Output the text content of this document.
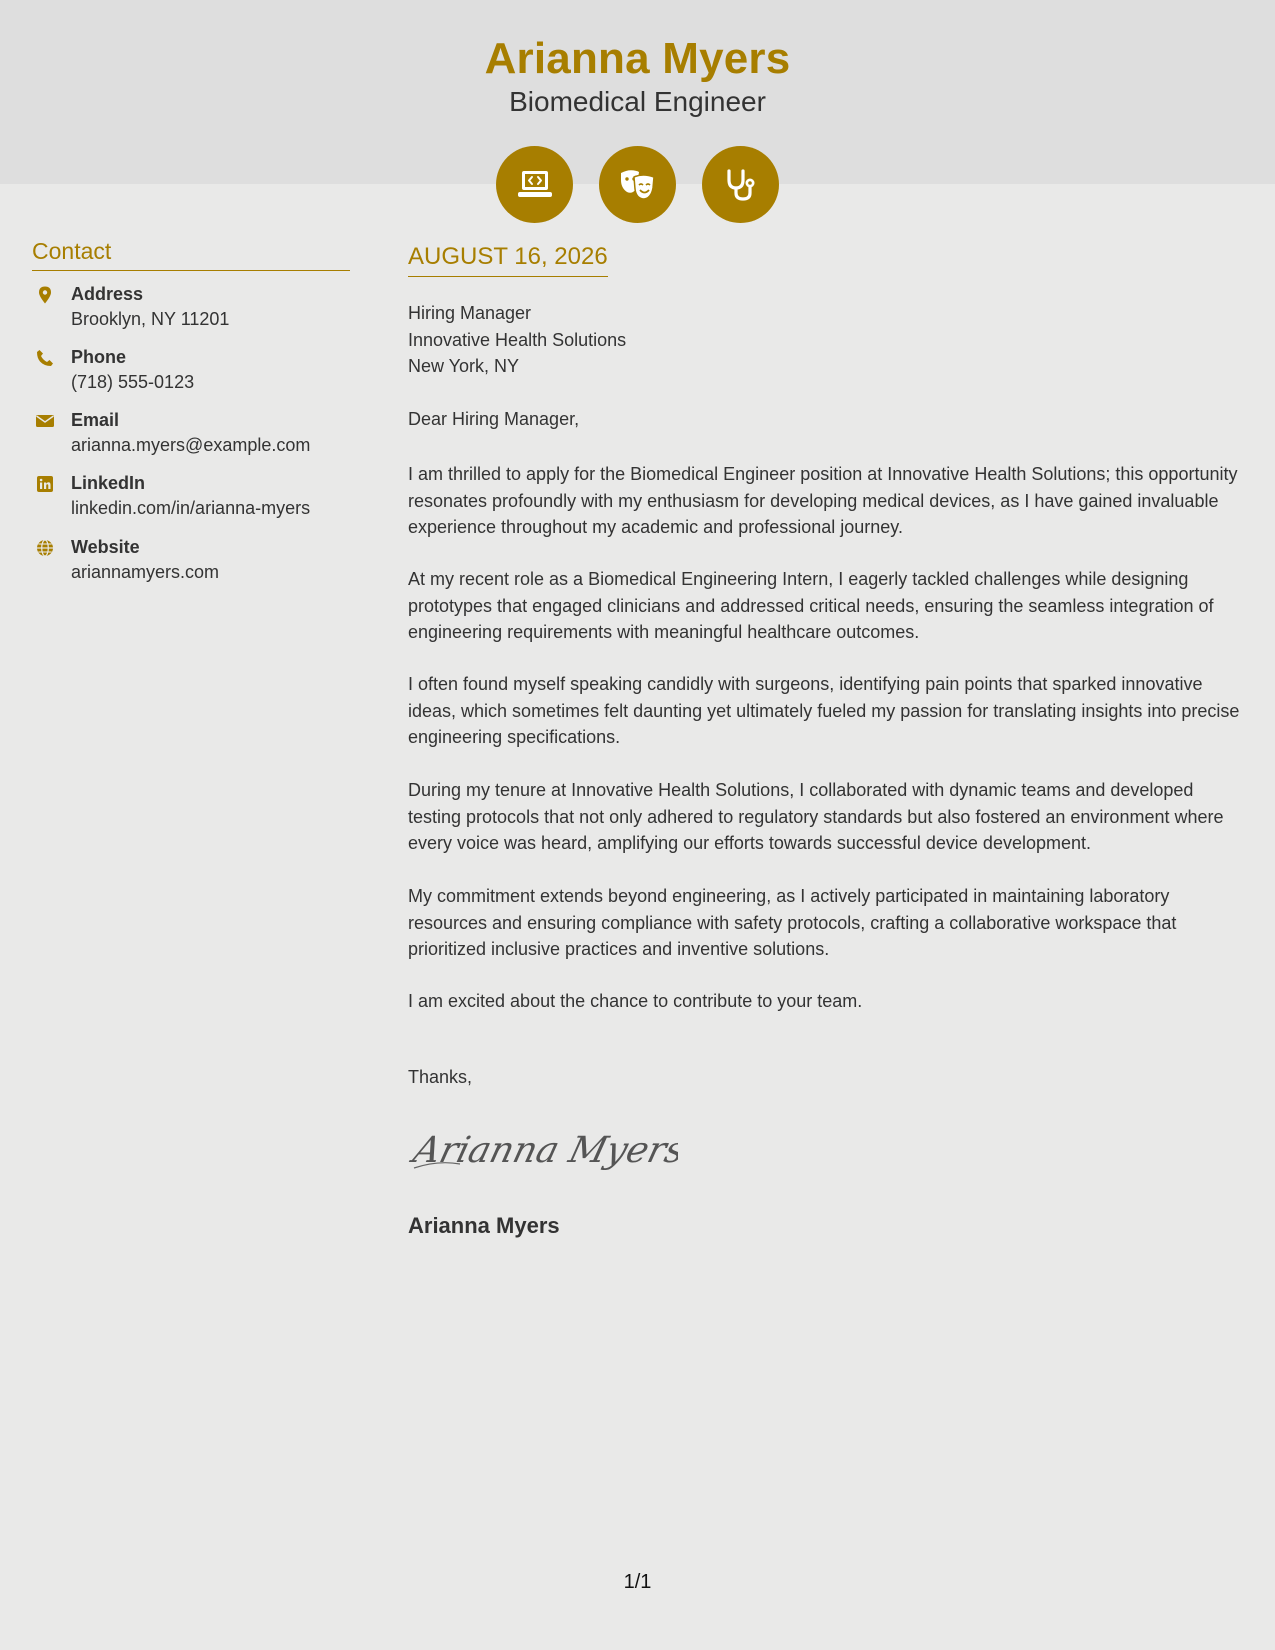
Arianna Myers
Biomedical Engineer
Contact
Address
Brooklyn, NY 11201
Phone
(718) 555-0123
Email
arianna.myers@example.com
LinkedIn
linkedin.com/in/arianna-myers
Website
ariannamyers.com
AUGUST 16, 2026
Hiring Manager
Innovative Health Solutions
New York, NY
Dear Hiring Manager,

I am thrilled to apply for the Biomedical Engineer position at Innovative Health Solutions; this opportunity resonates profoundly with my enthusiasm for developing medical devices, as I have gained invaluable experience throughout my academic and professional journey.

At my recent role as a Biomedical Engineering Intern, I eagerly tackled challenges while designing prototypes that engaged clinicians and addressed critical needs, ensuring the seamless integration of engineering requirements with meaningful healthcare outcomes.

I often found myself speaking candidly with surgeons, identifying pain points that sparked innovative ideas, which sometimes felt daunting yet ultimately fueled my passion for translating insights into precise engineering specifications.

During my tenure at Innovative Health Solutions, I collaborated with dynamic teams and developed testing protocols that not only adhered to regulatory standards but also fostered an environment where every voice was heard, amplifying our efforts towards successful device development.

My commitment extends beyond engineering, as I actively participated in maintaining laboratory resources and ensuring compliance with safety protocols, crafting a collaborative workspace that prioritized inclusive practices and inventive solutions.

I am excited about the chance to contribute to your team.

Thanks,
Arianna Myers
Arianna Myers
1/1
